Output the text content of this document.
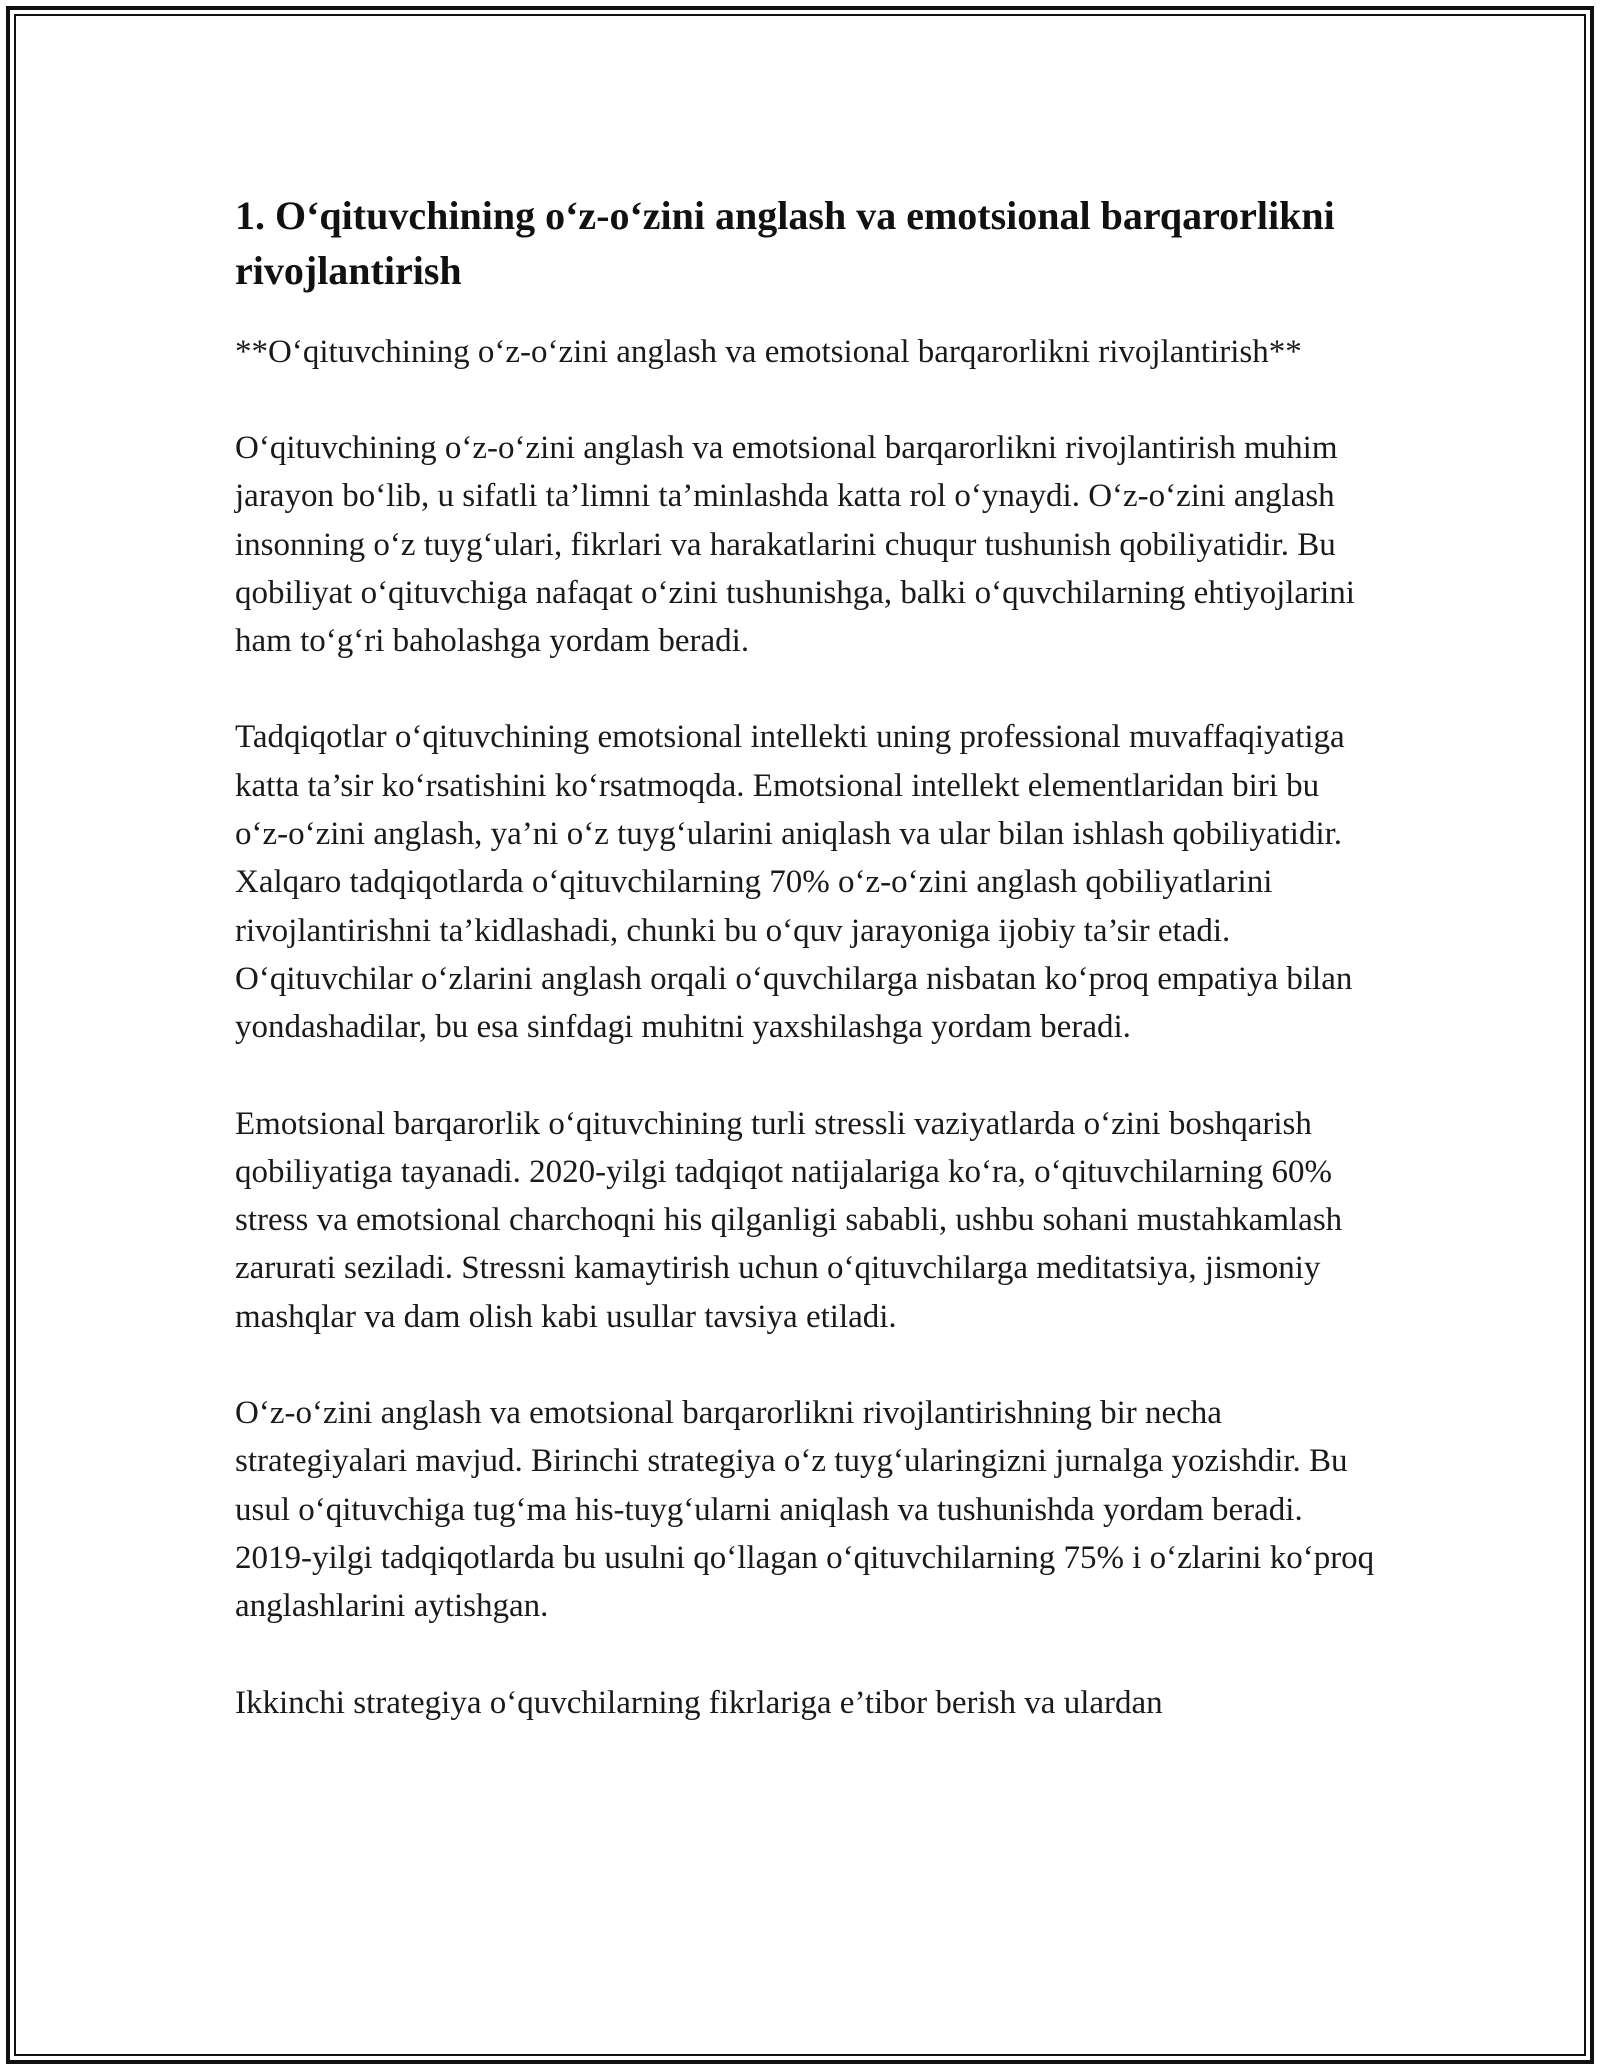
1. O‘qituvchining o‘z-o‘zini anglash va emotsional barqarorlikni rivojlantirish

**O‘qituvchining o‘z-o‘zini anglash va emotsional barqarorlikni rivojlantirish**

O‘qituvchining o‘z-o‘zini anglash va emotsional barqarorlikni rivojlantirish muhim jarayon bo‘lib, u sifatli ta’limni ta’minlashda katta rol o‘ynaydi. O‘z-o‘zini anglash insonning o‘z tuyg‘ulari, fikrlari va harakatlarini chuqur tushunish qobiliyatidir. Bu qobiliyat o‘qituvchiga nafaqat o‘zini tushunishga, balki o‘quvchilarning ehtiyojlarini ham to‘g‘ri baholashga yordam beradi.

Tadqiqotlar o‘qituvchining emotsional intellekti uning professional muvaffaqiyatiga katta ta’sir ko‘rsatishini ko‘rsatmoqda. Emotsional intellekt elementlaridan biri bu o‘z-o‘zini anglash, ya’ni o‘z tuyg‘ularini aniqlash va ular bilan ishlash qobiliyatidir. Xalqaro tadqiqotlarda o‘qituvchilarning 70% o‘z-o‘zini anglash qobiliyatlarini rivojlantirishni ta’kidlashadi, chunki bu o‘quv jarayoniga ijobiy ta’sir etadi. O‘qituvchilar o‘zlarini anglash orqali o‘quvchilarga nisbatan ko‘proq empatiya bilan yondashadilar, bu esa sinfdagi muhitni yaxshilashga yordam beradi.

Emotsional barqarorlik o‘qituvchining turli stressli vaziyatlarda o‘zini boshqarish qobiliyatiga tayanadi. 2020-yilgi tadqiqot natijalariga ko‘ra, o‘qituvchilarning 60% stress va emotsional charchoqni his qilganligi sababli, ushbu sohani mustahkamlash zarurati seziladi. Stressni kamaytirish uchun o‘qituvchilarga meditatsiya, jismoniy mashqlar va dam olish kabi usullar tavsiya etiladi.

O‘z-o‘zini anglash va emotsional barqarorlikni rivojlantirishning bir necha strategiyalari mavjud. Birinchi strategiya o‘z tuyg‘ularingizni jurnalga yozishdir. Bu usul o‘qituvchiga tug‘ma his-tuyg‘ularni aniqlash va tushunishda yordam beradi. 2019-yilgi tadqiqotlarda bu usulni qo‘llagan o‘qituvchilarning 75% i o‘zlarini ko‘proq anglashlarini aytishgan.

Ikkinchi strategiya o‘quvchilarning fikrlariga e’tibor berish va ulardan
